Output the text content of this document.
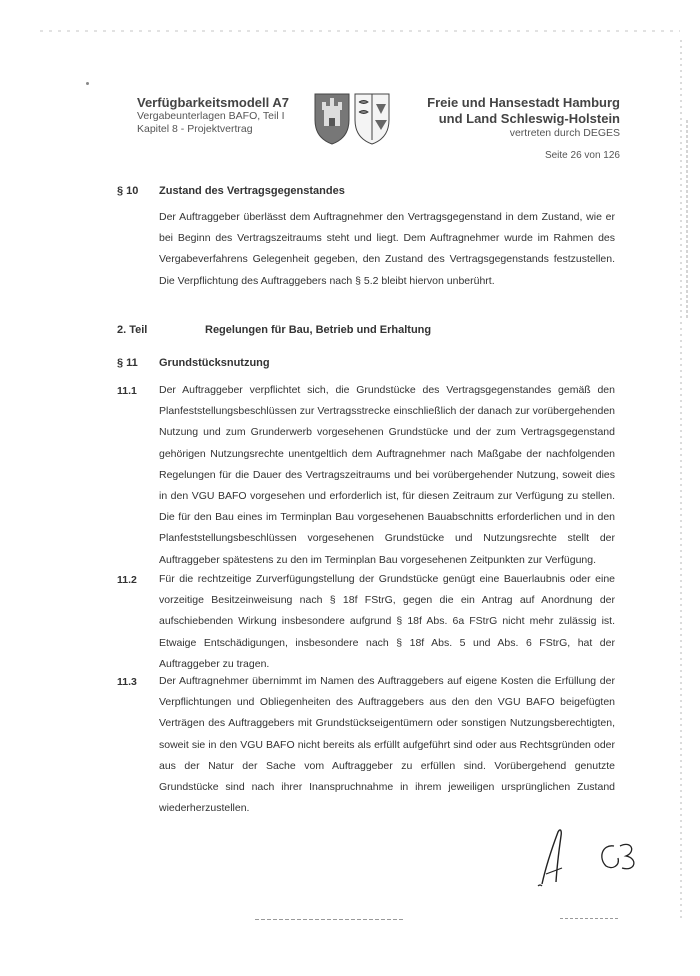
Verfügbarkeitsmodell A7
Vergabeunterlagen BAFO, Teil I
Kapitel 8 - Projektvertrag
Freie und Hansestadt Hamburg
und Land Schleswig-Holstein
vertreten durch DEGES
Seite 26 von 126
§ 10 Zustand des Vertragsgegenstandes
Der Auftraggeber überlässt dem Auftragnehmer den Vertragsgegenstand in dem Zustand, wie er bei Beginn des Vertragszeitraums steht und liegt. Dem Auftragnehmer wurde im Rahmen des Vergabeverfahrens Gelegenheit gegeben, den Zustand des Vertragsgegenstands festzustellen. Die Verpflichtung des Auftraggebers nach § 5.2 bleibt hiervon unberührt.
2. Teil	Regelungen für Bau, Betrieb und Erhaltung
§ 11 Grundstücksnutzung
11.1 Der Auftraggeber verpflichtet sich, die Grundstücke des Vertragsgegenstandes gemäß den Planfeststellungsbeschlüssen zur Vertragsstrecke einschließlich der danach zur vorübergehenden Nutzung und zum Grunderwerb vorgesehenen Grundstücke und der zum Vertragsgegenstand gehörigen Nutzungsrechte unentgeltlich dem Auftragnehmer nach Maßgabe der nachfolgenden Regelungen für die Dauer des Vertragszeitraums und bei vorübergehender Nutzung, soweit dies in den VGU BAFO vorgesehen und erforderlich ist, für diesen Zeitraum zur Verfügung zu stellen. Die für den Bau eines im Terminplan Bau vorgesehenen Bauabschnitts erforderlichen und in den Planfeststellungsbeschlüssen vorgesehenen Grundstücke und Nutzungsrechte stellt der Auftraggeber spätestens zu den im Terminplan Bau vorgesehenen Zeitpunkten zur Verfügung.
11.2 Für die rechtzeitige Zurverfügungstellung der Grundstücke genügt eine Bauerlaubnis oder eine vorzeitige Besitzeinweisung nach § 18f FStrG, gegen die ein Antrag auf Anordnung der aufschiebenden Wirkung insbesondere aufgrund § 18f Abs. 6a FStrG nicht mehr zulässig ist. Etwaige Entschädigungen, insbesondere nach § 18f Abs. 5 und Abs. 6 FStrG, hat der Auftraggeber zu tragen.
11.3 Der Auftragnehmer übernimmt im Namen des Auftraggebers auf eigene Kosten die Erfüllung der Verpflichtungen und Obliegenheiten des Auftraggebers aus den den VGU BAFO beigefügten Verträgen des Auftraggebers mit Grundstückseigentümern oder sonstigen Nutzungsberechtigten, soweit sie in den VGU BAFO nicht bereits als erfüllt aufgeführt sind oder aus Rechtsgründen oder aus der Natur der Sache vom Auftraggeber zu erfüllen sind. Vorübergehend genutzte Grundstücke sind nach ihrer Inanspruchnahme in ihrem jeweiligen ursprünglichen Zustand wiederherzustellen.
